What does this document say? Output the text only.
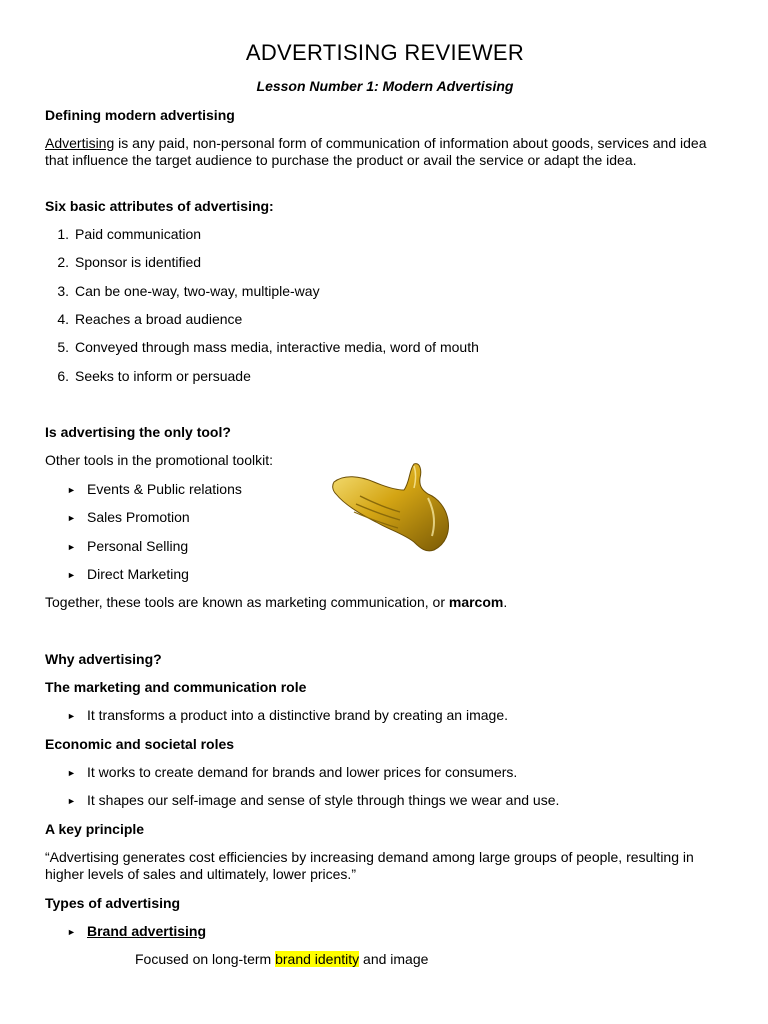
ADVERTISING REVIEWER
Lesson Number 1: Modern Advertising
Defining modern advertising
Advertising is any paid, non-personal form of communication of information about goods, services and idea that influence the target audience to purchase the product or avail the service or adapt the idea.
Six basic attributes of advertising:
1. Paid communication
2. Sponsor is identified
3. Can be one-way, two-way, multiple-way
4. Reaches a broad audience
5. Conveyed through mass media, interactive media, word of mouth
6. Seeks to inform or persuade
Is advertising the only tool?
Other tools in the promotional toolkit:
► Events & Public relations
► Sales Promotion
► Personal Selling
► Direct Marketing
Together, these tools are known as marketing communication, or marcom.
Why advertising?
The marketing and communication role
► It transforms a product into a distinctive brand by creating an image.
Economic and societal roles
► It works to create demand for brands and lower prices for consumers.
► It shapes our self-image and sense of style through things we wear and use.
A key principle
“Advertising generates cost efficiencies by increasing demand among large groups of people, resulting in higher levels of sales and ultimately, lower prices.”
Types of advertising
► Brand advertising
Focused on long-term brand identity and image
